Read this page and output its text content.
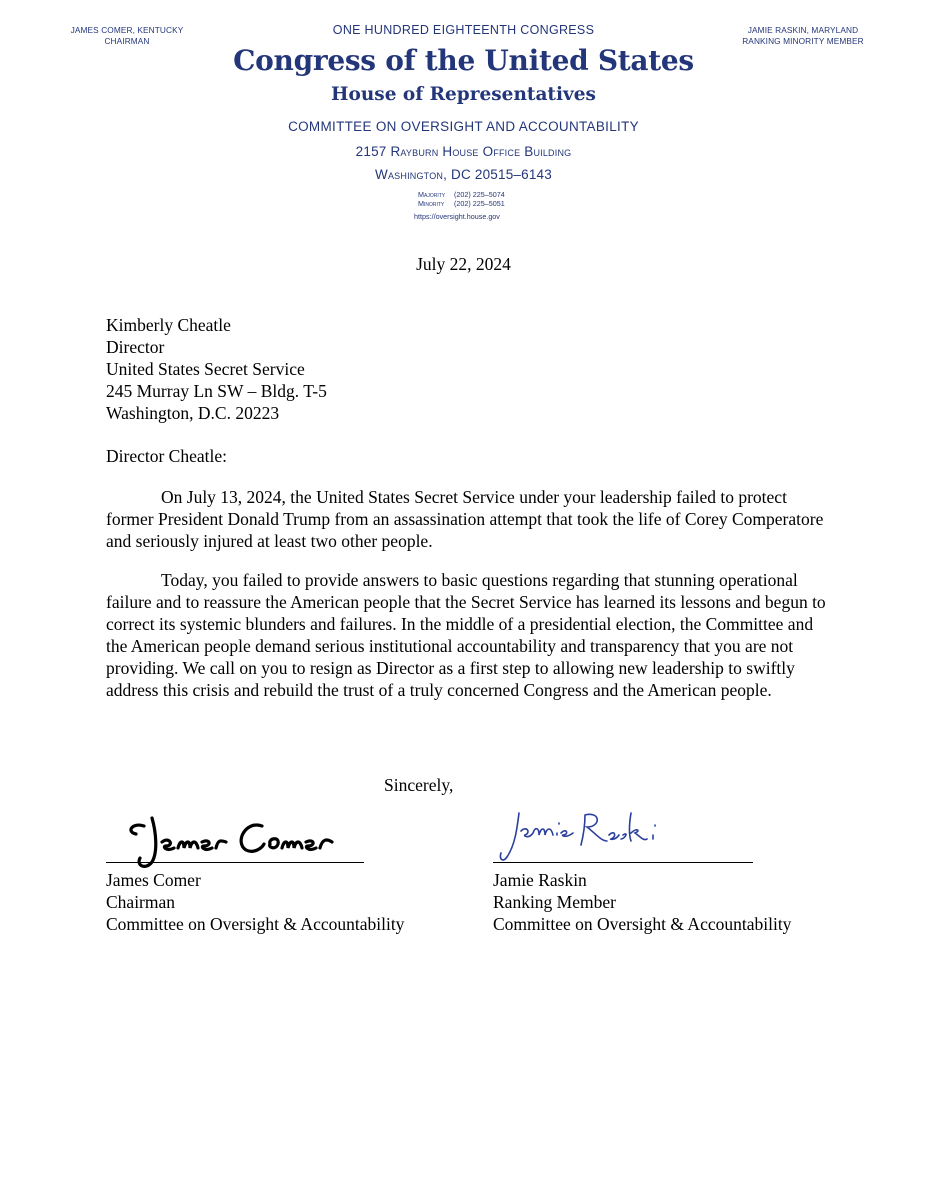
JAMES COMER, KENTUCKY
CHAIRMAN
ONE HUNDRED EIGHTEENTH CONGRESS	JAMIE RASKIN, MARYLAND
RANKING MINORITY MEMBER
Congress of the United States
House of Representatives
COMMITTEE ON OVERSIGHT AND ACCOUNTABILITY
2157 Rayburn House Office Building
Washington, DC 20515–6143
Majority (202) 225–5074
Minority (202) 225–5051
https://oversight.house.gov
July 22, 2024
Kimberly Cheatle
Director
United States Secret Service
245 Murray Ln SW – Bldg. T-5
Washington, D.C. 20223
Director Cheatle:
On July 13, 2024, the United States Secret Service under your leadership failed to protect former President Donald Trump from an assassination attempt that took the life of Corey Comperatore and seriously injured at least two other people.
Today, you failed to provide answers to basic questions regarding that stunning operational failure and to reassure the American people that the Secret Service has learned its lessons and begun to correct its systemic blunders and failures. In the middle of a presidential election, the Committee and the American people demand serious institutional accountability and transparency that you are not providing. We call on you to resign as Director as a first step to allowing new leadership to swiftly address this crisis and rebuild the trust of a truly concerned Congress and the American people.
Sincerely,
James Comer
Chairman
Committee on Oversight & Accountability
Jamie Raskin
Ranking Member
Committee on Oversight & Accountability
